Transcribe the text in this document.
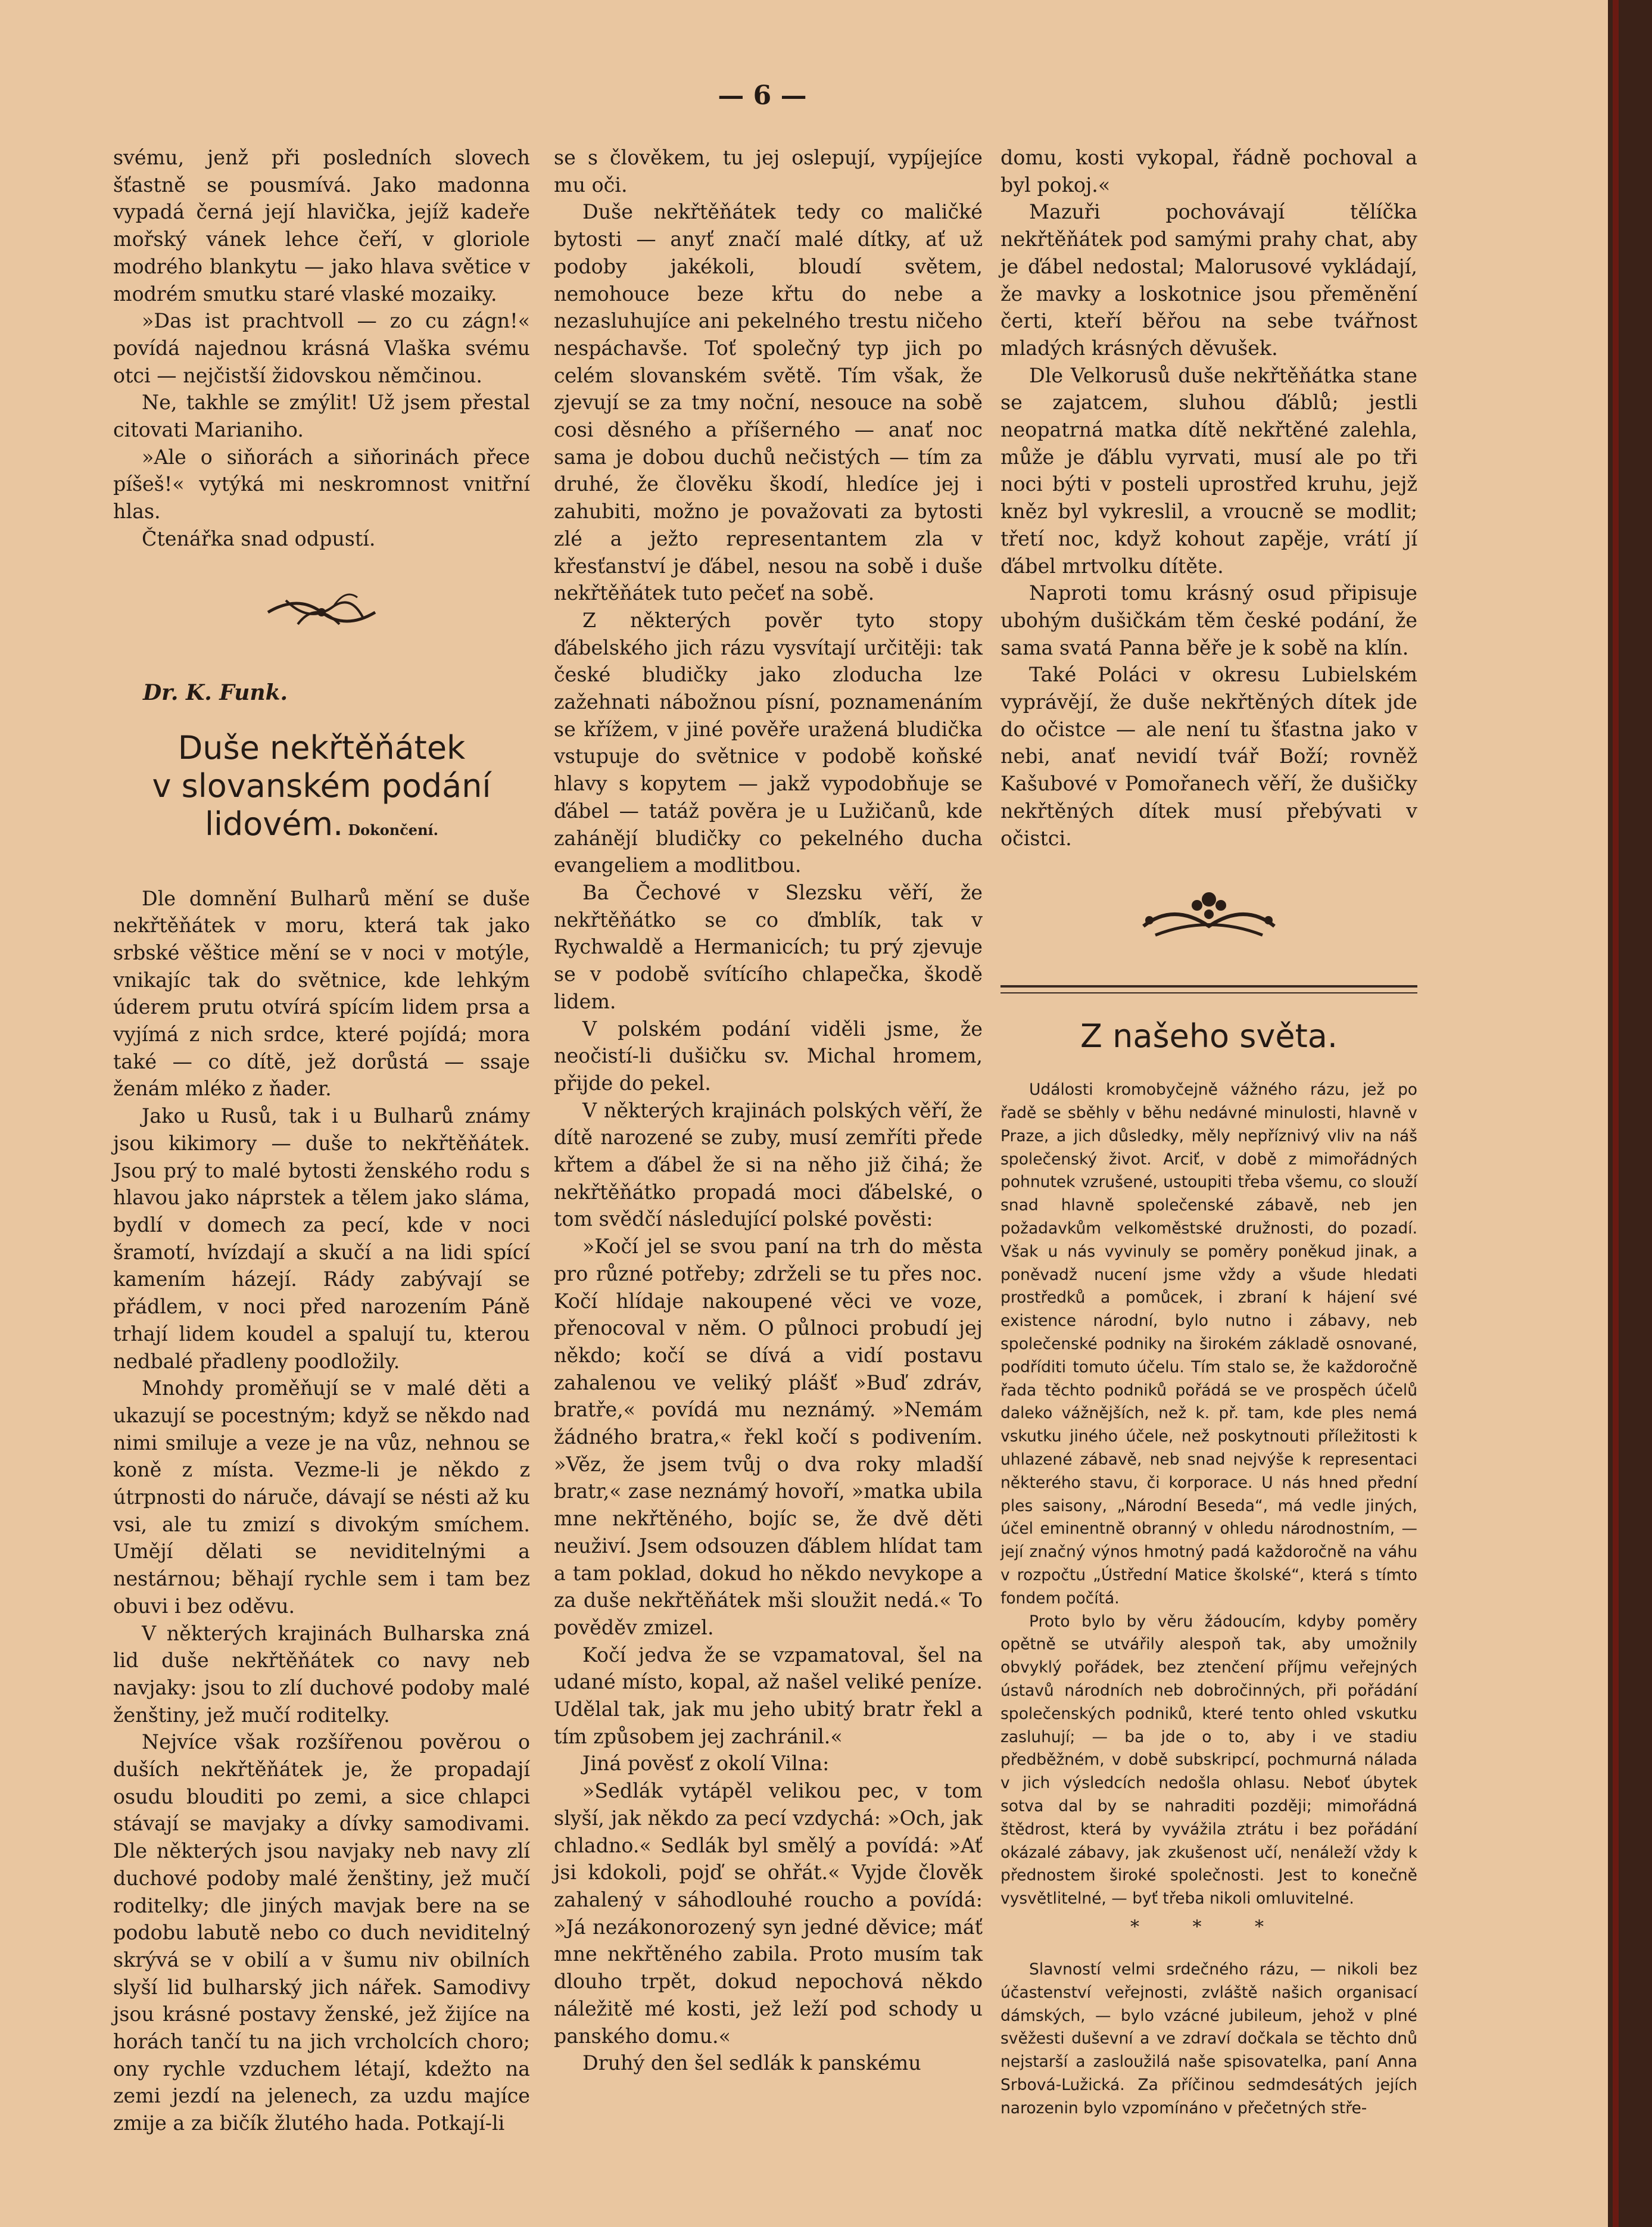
— 6 —

svému, jenž při posledních slovech šťastně se pousmívá. Jako madonna vypadá černá její hlavička, jejíž kadeře mořský vánek lehce čeří, v gloriole modrého blankytu — jako hlava světice v modrém smutku staré vlaské mozaiky.

»Das ist prachtvoll — zo cu zágn!« povídá najednou krásná Vlaška svému otci — nejčistší židovskou němčinou.

Ne, takhle se zmýlit! Už jsem přestal citovati Marianiho.

»Ale o siňorách a siňorinách přece píšeš!« vytýká mi neskromnost vnitřní hlas.

Čtenářka snad odpustí.

Dr. K. Funk.

Duše nekřtěňátek

v slovanském podání

lidovém. Dokončení.

Dle domnění Bulharů mění se duše nekřtěňátek v moru, která tak jako srbské věštice mění se v noci v motýle, vnikajíc tak do světnice, kde lehkým úderem prutu otvírá spícím lidem prsa a vyjímá z nich srdce, které pojídá; mora také — co dítě, jež dorůstá — ssaje ženám mléko z ňader.

Jako u Rusů, tak i u Bulharů známy jsou kikimory — duše to nekřtěňátek. Jsou prý to malé bytosti ženského rodu s hlavou jako náprstek a tělem jako sláma, bydlí v domech za pecí, kde v noci šramotí, hvízdají a skučí a na lidi spící kamením házejí. Rády zabývají se přádlem, v noci před narozením Páně trhají lidem koudel a spalují tu, kterou nedbalé přadleny poodložily.

Mnohdy proměňují se v malé děti a ukazují se pocestným; když se někdo nad nimi smiluje a veze je na vůz, nehnou se koně z místa. Vezme-li je někdo z útrpnosti do náruče, dávají se nésti až ku vsi, ale tu zmizí s divokým smíchem. Umějí dělati se neviditelnými a nestárnou; běhají rychle sem i tam bez obuvi i bez oděvu.

V některých krajinách Bulharska zná lid duše nekřtěňátek co navy neb navjaky: jsou to zlí duchové podoby malé ženštiny, jež mučí roditelky.

Nejvíce však rozšířenou pověrou o duších nekřtěňátek je, že propadají osudu blouditi po zemi, a sice chlapci stávají se mavjaky a dívky samodivami. Dle některých jsou navjaky neb navy zlí duchové podoby malé ženštiny, jež mučí roditelky; dle jiných mavjak bere na se podobu labutě nebo co duch neviditelný skrývá se v obilí a v šumu niv obilních slyší lid bulharský jich nářek. Samodivy jsou krásné postavy ženské, jež žijíce na horách tančí tu na jich vrcholcích choro; ony rychle vzduchem létají, kdežto na zemi jezdí na jelenech, za uzdu majíce zmije a za bičík žlutého hada. Potkají-li

se s člověkem, tu jej oslepují, vypíjejíce mu oči.

Duše nekřtěňátek tedy co maličké bytosti — anyť značí malé dítky, ať už podoby jakékoli, bloudí světem, nemohouce beze křtu do nebe a nezasluhujíce ani pekelného trestu ničeho nespáchavše. Toť společný typ jich po celém slovanském světě. Tím však, že zjevují se za tmy noční, nesouce na sobě cosi děsného a příšerného — anať noc sama je dobou duchů nečistých — tím za druhé, že člověku škodí, hledíce jej i zahubiti, možno je považovati za bytosti zlé a ježto representantem zla v křesťanství je ďábel, nesou na sobě i duše nekřtěňátek tuto pečeť na sobě.

Z některých pověr tyto stopy ďábelského jich rázu vysvítají určitěji: tak české bludičky jako zloducha lze zažehnati nábožnou písní, poznamenáním se křížem, v jiné pověře uražená bludička vstupuje do světnice v podobě koňské hlavy s kopytem — jakž vypodobňuje se ďábel — tatáž pověra je u Lužičanů, kde zahánějí bludičky co pekelného ducha evangeliem a modlitbou.

Ba Čechové v Slezsku věří, že nekřtěňátko se co ďmblík, tak v Rychwaldě a Hermanicích; tu prý zjevuje se v podobě svítícího chlapečka, škodě lidem.

V polském podání viděli jsme, že neočistí-li dušičku sv. Michal hromem, přijde do pekel.

V některých krajinách polských věří, že dítě narozené se zuby, musí zemříti přede křtem a ďábel že si na něho již čihá; že nekřtěňátko propadá moci ďábelské, o tom svědčí následující polské pověsti:

»Kočí jel se svou paní na trh do města pro různé potřeby; zdrželi se tu přes noc. Kočí hlídaje nakoupené věci ve voze, přenocoval v něm. O půlnoci probudí jej někdo; kočí se dívá a vidí postavu zahalenou ve veliký plášť »Buď zdráv, bratře,« povídá mu neznámý. »Nemám žádného bratra,« řekl kočí s podivením. »Věz, že jsem tvůj o dva roky mladší bratr,« zase neznámý hovoří, »matka ubila mne nekřtěného, bojíc se, že dvě děti neuživí. Jsem odsouzen ďáblem hlídat tam a tam poklad, dokud ho někdo nevykope a za duše nekřtěňátek mši sloužit nedá.« To pověděv zmizel.

Kočí jedva že se vzpamatoval, šel na udané místo, kopal, až našel veliké peníze. Udělal tak, jak mu jeho ubitý bratr řekl a tím způsobem jej zachránil.«

Jiná pověsť z okolí Vilna:

»Sedlák vytápěl velikou pec, v tom slyší, jak někdo za pecí vzdychá: »Och, jak chladno.« Sedlák byl smělý a povídá: »Ať jsi kdokoli, pojď se ohřát.« Vyjde člověk zahalený v sáhodlouhé roucho a povídá: »Já nezákonorozený syn jedné děvice; máť mne nekřtěného zabila. Proto musím tak dlouho trpět, dokud nepochová někdo náležitě mé kosti, jež leží pod schody u panského domu.«

Druhý den šel sedlák k panskému

domu, kosti vykopal, řádně pochoval a byl pokoj.«

Mazuři pochovávají tělíčka nekřtěňátek pod samými prahy chat, aby je ďábel nedostal; Malorusové vykládají, že mavky a loskotnice jsou přeměnění čerti, kteří běřou na sebe tvářnost mladých krásných děvušek.

Dle Velkorusů duše nekřtěňátka stane se zajatcem, sluhou ďáblů; jestli neopatrná matka dítě nekřtěné zalehla, může je ďáblu vyrvati, musí ale po tři noci býti v posteli uprostřed kruhu, jejž kněz byl vykreslil, a vroucně se modlit; třetí noc, když kohout zapěje, vrátí jí ďábel mrtvolku dítěte.

Naproti tomu krásný osud připisuje ubohým dušičkám těm české podání, že sama svatá Panna běře je k sobě na klín.

Také Poláci v okresu Lubielském vyprávějí, že duše nekřtěných dítek jde do očistce — ale není tu šťastna jako v nebi, anať nevidí tvář Boží; rovněž Kašubové v Pomořanech věří, že dušičky nekřtěných dítek musí přebývati v očistci.

Z našeho světa.

Události kromobyčejně vážného rázu, jež po řadě se sběhly v běhu nedávné minulosti, hlavně v Praze, a jich důsledky, měly nepříznivý vliv na náš společenský život. Arciť, v době z mimořádných pohnutek vzrušené, ustoupiti třeba všemu, co slouží snad hlavně společenské zábavě, neb jen požadavkům velkoměstské družnosti, do pozadí. Však u nás vyvinuly se poměry poněkud jinak, a poněvadž nucení jsme vždy a všude hledati prostředků a pomůcek, i zbraní k hájení své existence národní, bylo nutno i zábavy, neb společenské podniky na širokém základě osnované, podříditi tomuto účelu. Tím stalo se, že každoročně řada těchto podniků pořádá se ve prospěch účelů daleko vážnějších, než k. př. tam, kde ples nemá vskutku jiného účele, než poskytnouti příležitosti k uhlazené zábavě, neb snad nejvýše k representaci některého stavu, či korporace. U nás hned přední ples saisony, „Národní Beseda“, má vedle jiných, účel eminentně obranný v ohledu národnostním, — její značný výnos hmotný padá každoročně na váhu v rozpočtu „Ústřední Matice školské“, která s tímto fondem počítá.

Proto bylo by věru žádoucím, kdyby poměry opětně se utvářily alespoň tak, aby umožnily obvyklý pořádek, bez ztenčení příjmu veřejných ústavů národních neb dobročinných, při pořádání společenských podniků, které tento ohled vskutku zasluhují; — ba jde o to, aby i ve stadiu předběžném, v době subskripcí, pochmurná nálada v jich výsledcích nedošla ohlasu. Neboť úbytek sotva dal by se nahraditi později; mimořádná štědrost, která by vyvážila ztrátu i bez pořádání okázalé zábavy, jak zkušenost učí, nenáleží vždy k přednostem široké společnosti. Jest to konečně vysvětlitelné, — byť třeba nikoli omluvitelné.

* * *

Slavností velmi srdečného rázu, — nikoli bez účastenství veřejnosti, zvláště našich organisací dámských, — bylo vzácné jubileum, jehož v plné svěžesti duševní a ve zdraví dočkala se těchto dnů nejstarší a zasloužilá naše spisovatelka, paní Anna Srbová-Lužická. Za příčinou sedmdesátých jejích narozenin bylo vzpomínáno v přečetných stře-
